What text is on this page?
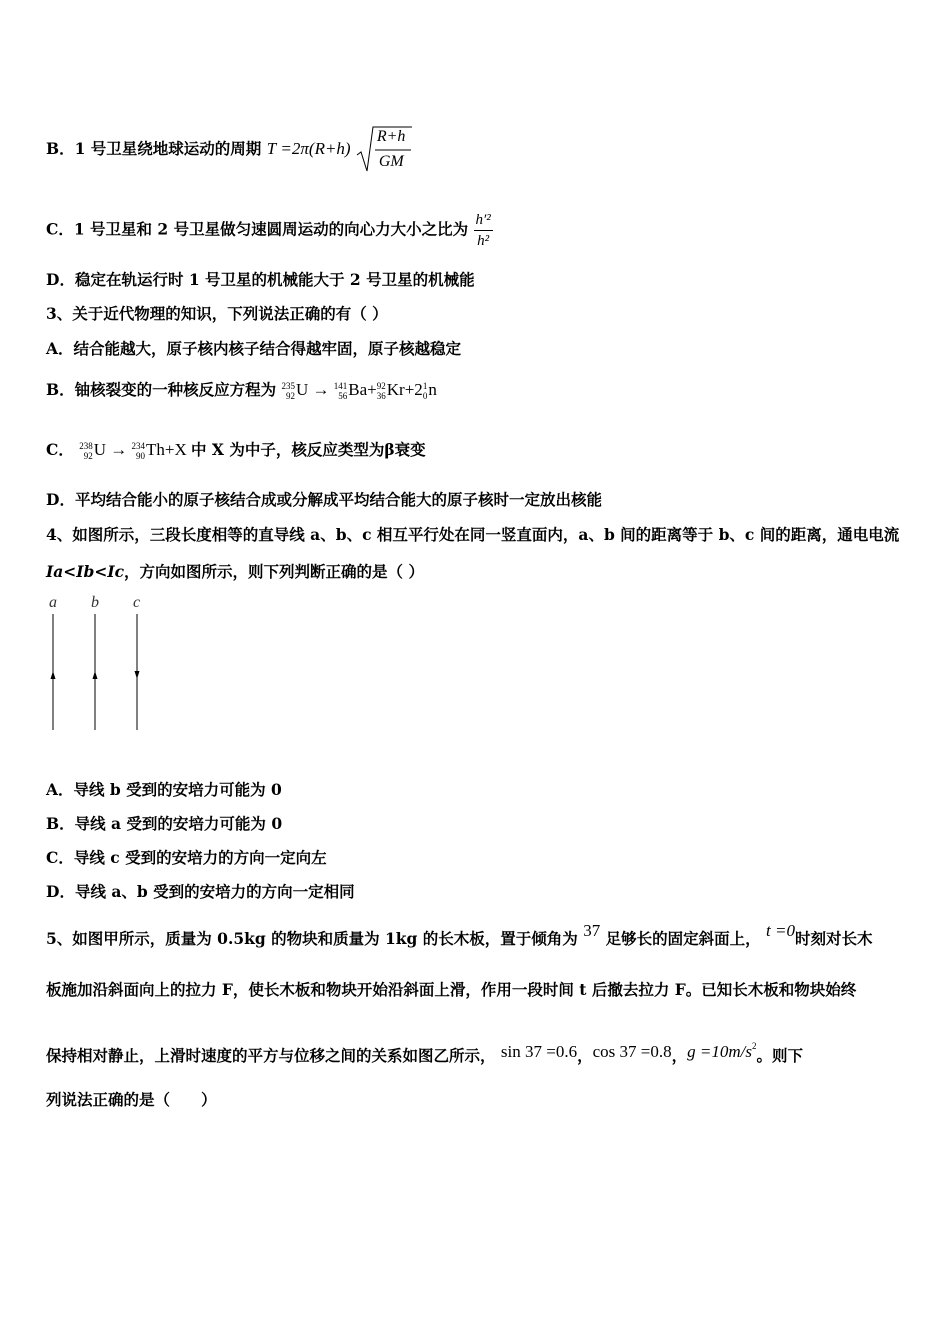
B．1 号卫星绕地球运动的周期 T =2π(R+h)
R+h
GM
C．1 号卫星和 2 号卫星做匀速圆周运动的向心力大小之比为 $\frac{\text{h′²}}{\text{h²}}$
D．稳定在轨运行时 1 号卫星的机械能大于 2 号卫星的机械能
3、关于近代物理的知识，下列说法正确的有（ ）
A．结合能越大，原子核内核子结合得越牢固，原子核越稳定
B．铀核裂变的一种核反应方程为 235
92 U → 141
56 Ba+ 92
36 Kr+2 1
0 n
C． 238
92 U → 234
90 Th+X 中 X 为中子，核反应类型为β衰变
D．平均结合能小的原子核结合成或分解成平均结合能大的原子核时一定放出核能
4、如图所示，三段长度相等的直导线 a、b、c 相互平行处在同一竖直面内，a、b 间的距离等于 b、c 间的距离，通电电流
Ia<Ib<Ic，方向如图所示，则下列判断正确的是（ ）
a b c
A．导线 b 受到的安培力可能为 0
B．导线 a 受到的安培力可能为 0
C．导线 c 受到的安培力的方向一定向左
D．导线 a、b 受到的安培力的方向一定相同
5、如图甲所示，质量为 0.5kg 的物块和质量为 1kg 的长木板，置于倾角为 37 足够长的固定斜面上， t =0时刻对长木
板施加沿斜面向上的拉力 F，使长木板和物块开始沿斜面上滑，作用一段时间 t 后撤去拉力 F。已知长木板和物块始终
保持相对静止，上滑时速度的平方与位移之间的关系如图乙所示， sin 37 =0.6，cos 37 =0.8，$g =10m/s^2$。则下
列说法正确的是（　　）
